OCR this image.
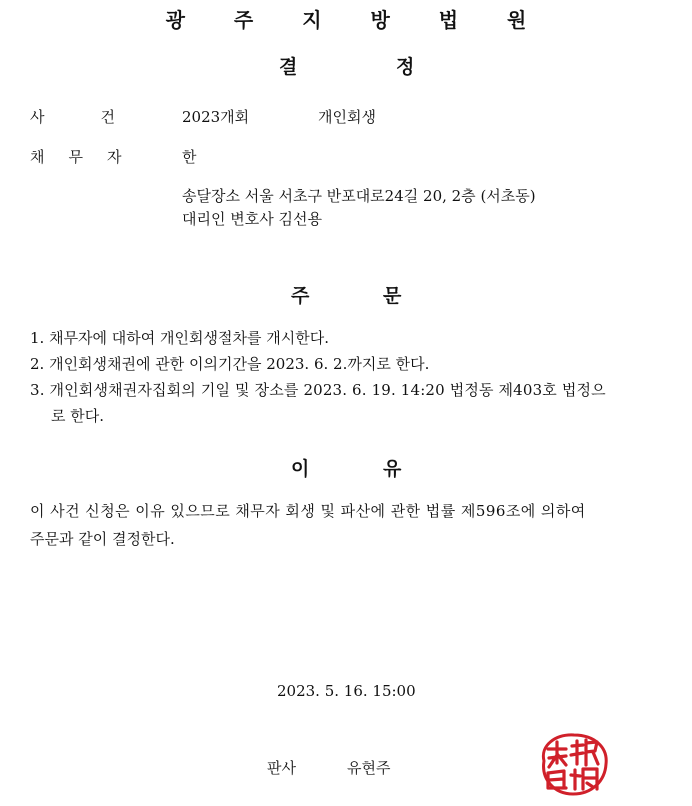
광 주 지 방 법 원
결	정
사	건	2023개회	개인회생
채 무 자	한
송달장소 서울 서초구 반포대로24길 20, 2층 (서초동)
대리인 변호사 김선용
주	문
1. 채무자에 대하여 개인회생절차를 개시한다.
2. 개인회생채권에 관한 이의기간을 2023. 6. 2.까지로 한다.
3. 개인회생채권자집회의 기일 및 장소를 2023. 6. 19. 14:20 법정동 제403호 법정으
로 한다.
이	유
이 사건 신청은 이유 있으므로 채무자 회생 및 파산에 관한 법률 제596조에 의하여
주문과 같이 결정한다.
2023. 5. 16. 15:00
판사	유현주
